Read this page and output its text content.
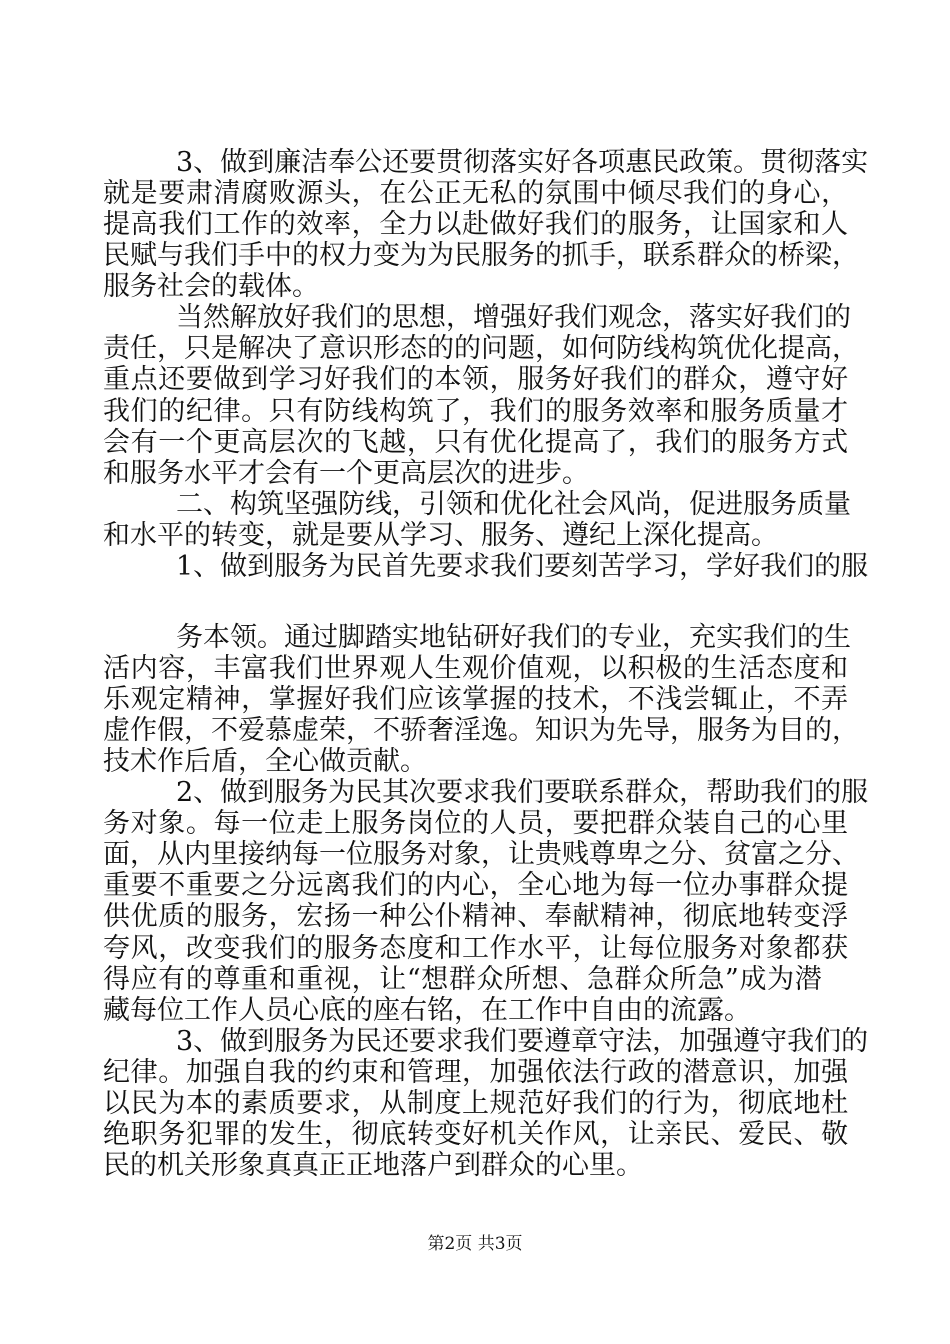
3、做到廉洁奉公还要贯彻落实好各项惠民政策。贯彻落实
就是要肃清腐败源头，在公正无私的氛围中倾尽我们的身心，
提高我们工作的效率，全力以赴做好我们的服务，让国家和人
民赋与我们手中的权力变为为民服务的抓手，联系群众的桥梁，
服务社会的载体。
当然解放好我们的思想，增强好我们观念，落实好我们的
责任，只是解决了意识形态的的问题，如何防线构筑优化提高，
重点还要做到学习好我们的本领，服务好我们的群众，遵守好
我们的纪律。只有防线构筑了，我们的服务效率和服务质量才
会有一个更高层次的飞越，只有优化提高了，我们的服务方式
和服务水平才会有一个更高层次的进步。
二、构筑坚强防线，引领和优化社会风尚，促进服务质量
和水平的转变，就是要从学习、服务、遵纪上深化提高。
1、做到服务为民首先要求我们要刻苦学习，学好我们的服
务本领。通过脚踏实地钻研好我们的专业，充实我们的生
活内容，丰富我们世界观人生观价值观，以积极的生活态度和
乐观定精神，掌握好我们应该掌握的技术，不浅尝辄止，不弄
虚作假，不爱慕虚荣，不骄奢淫逸。知识为先导，服务为目的，
技术作后盾，全心做贡献。
2、做到服务为民其次要求我们要联系群众，帮助我们的服
务对象。每一位走上服务岗位的人员，要把群众装自己的心里
面，从内里接纳每一位服务对象，让贵贱尊卑之分、贫富之分、
重要不重要之分远离我们的内心，全心地为每一位办事群众提
供优质的服务，宏扬一种公仆精神、奉献精神，彻底地转变浮
夸风，改变我们的服务态度和工作水平，让每位服务对象都获
得应有的尊重和重视，让“想群众所想、急群众所急”成为潜
藏每位工作人员心底的座右铭，在工作中自由的流露。
3、做到服务为民还要求我们要遵章守法，加强遵守我们的
纪律。加强自我的约束和管理，加强依法行政的潜意识，加强
以民为本的素质要求，从制度上规范好我们的行为，彻底地杜
绝职务犯罪的发生，彻底转变好机关作风，让亲民、爱民、敬
民的机关形象真真正正地落户到群众的心里。
第2页 共3页
